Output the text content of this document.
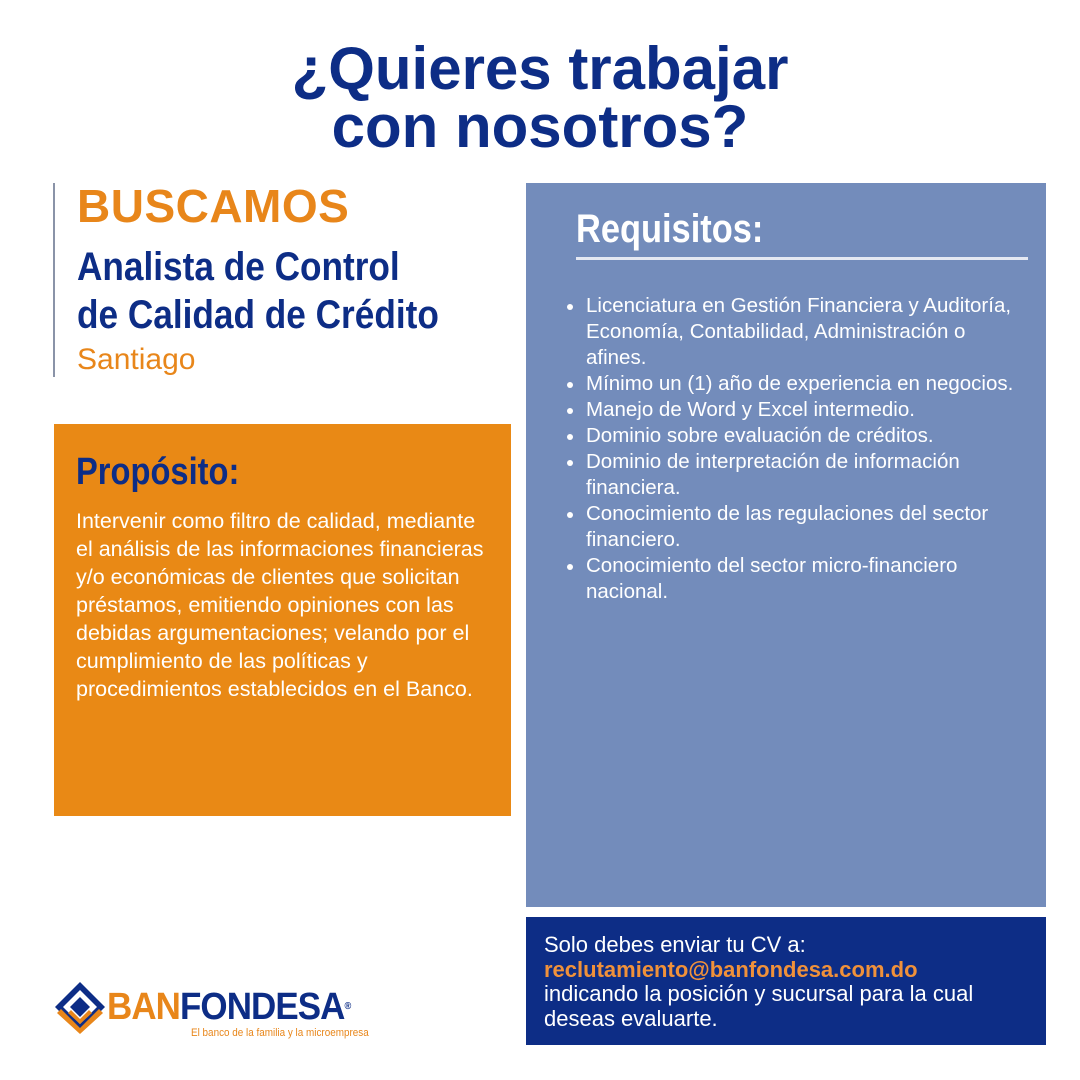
¿Quieres trabajar
con nosotros?

BUSCAMOS

Analista de Control
de Calidad de Crédito

Santiago

Propósito:

Intervenir como filtro de calidad, mediante el análisis de las informaciones financieras y/o económicas de clientes que solicitan préstamos, emitiendo opiniones con las debidas argumentaciones; velando por el cumplimiento de las políticas y procedimientos establecidos en el Banco.

Requisitos:

Licenciatura en Gestión Financiera y Auditoría, Economía, Contabilidad, Administración o afines.
Mínimo un (1) año de experiencia en negocios.
Manejo de Word y Excel intermedio.
Dominio sobre evaluación de créditos.
Dominio de interpretación de información financiera.
Conocimiento de las regulaciones del sector financiero.
Conocimiento del sector micro-financiero nacional.

Solo debes enviar tu CV a:
reclutamiento@banfondesa.com.do
indicando la posición y sucursal para la cual deseas evaluarte.

BANFONDESA®

El banco de la familia y la microempresa
